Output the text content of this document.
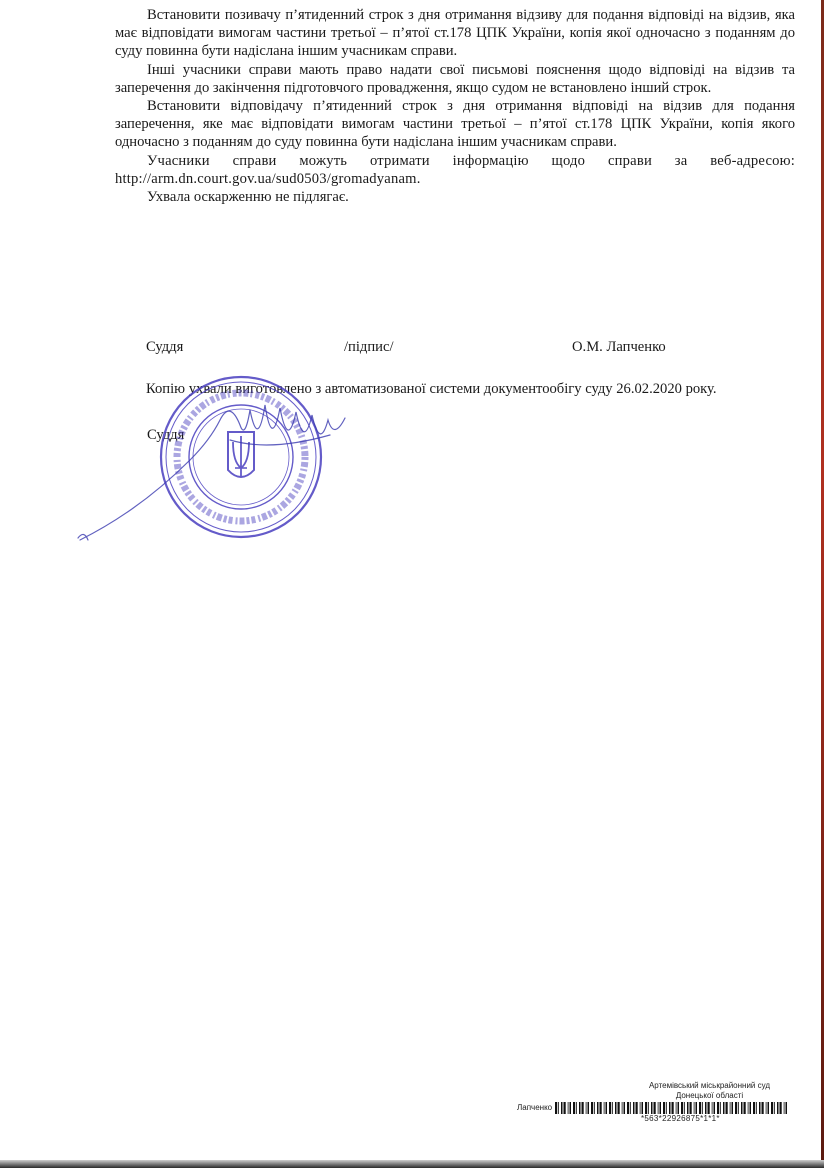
Встановити позивачу п’ятиденний строк з дня отримання відзиву для подання відповіді на відзив, яка має відповідати вимогам частини третьої – п’ятої ст.178 ЦПК України, копія якої одночасно з поданням до суду повинна бути надіслана іншим учасникам справи.

Інші учасники справи мають право надати свої письмові пояснення щодо відповіді на відзив та заперечення до закінчення підготовчого провадження, якщо судом не встановлено інший строк.

Встановити відповідачу п’ятиденний строк з дня отримання відповіді на відзив для подання заперечення, яке має відповідати вимогам частини третьої – п’ятої ст.178 ЦПК України, копія якого одночасно з поданням до суду повинна бути надіслана іншим учасникам справи.

Учасники справи можуть отримати інформацію щодо справи за веб-адресою: http://arm.dn.court.gov.ua/sud0503/gromadyanam.

Ухвала оскарженню не підлягає.

Суддя	/підпис/	О.М. Лапченко
Копію ухвали виготовлено з автоматизованої системи документообігу суду 26.02.2020 року.
Суддя
Артемівський міськрайонний суд
Донецької області
Лапченко
*563*22926875*1*1*
